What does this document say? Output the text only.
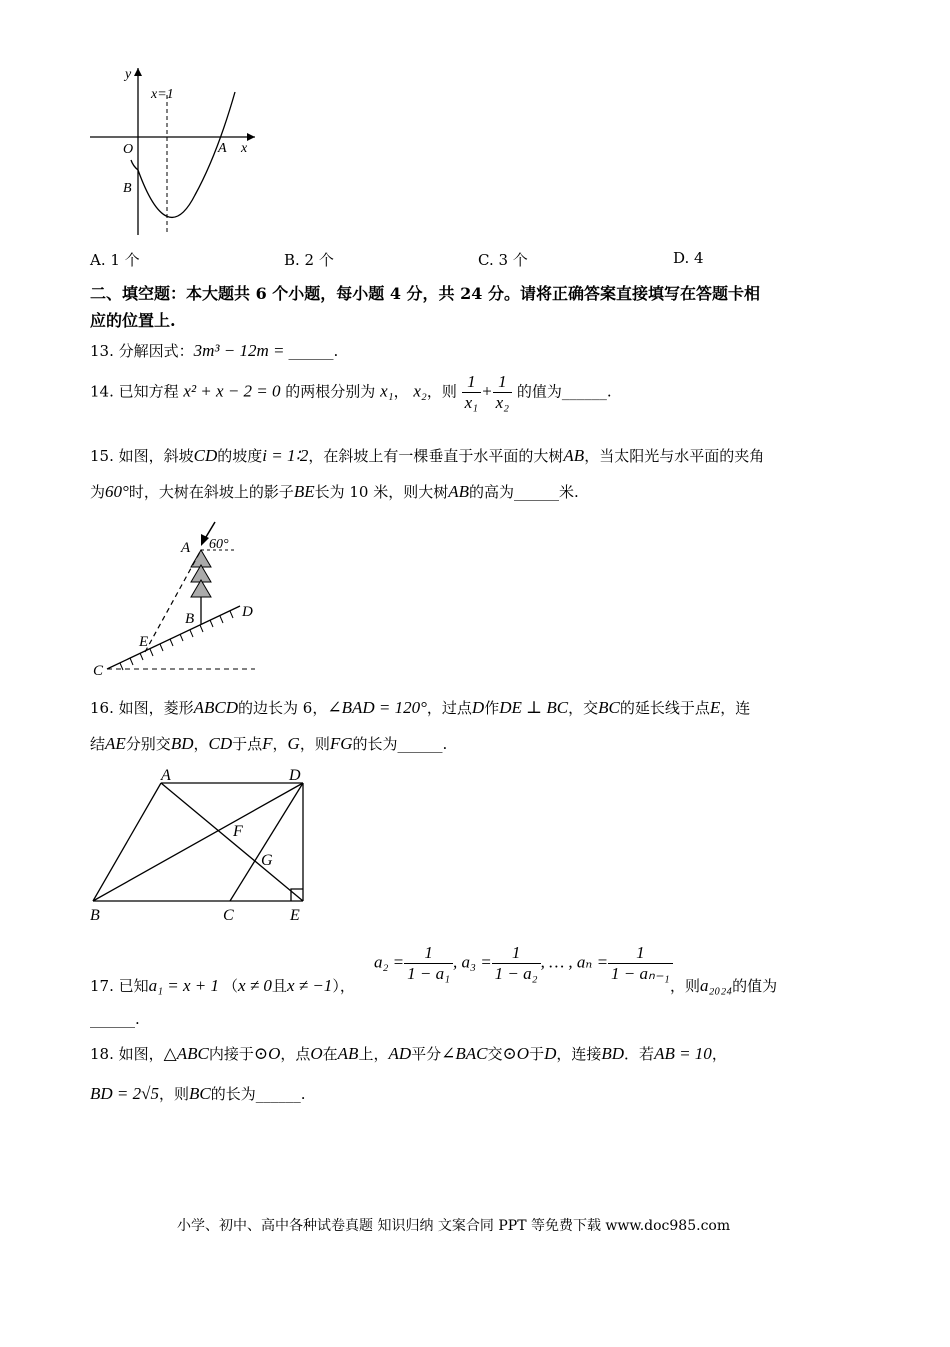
y
x
x=1
O	A
B
A. 1 个	B. 2 个	C. 3 个	D. 4
二、填空题：本大题共 6 个小题，每小题 4 分，共 24 分。请将正确答案直接填写在答题卡相
应的位置上.
13. 分解因式：3m³ − 12m = ______.
14. 已知方程 x² + x − 2 = 0 的两根分别为 x₁， x₂，则 $\frac{1}{\text{x₁}} + \frac{1}{\text{x₂}}$ 的值为______.
15. 如图，斜坡CD的坡度i = 1∶2，在斜坡上有一棵垂直于水平面的大树AB，当太阳光与水平面的夹角
为60°时，大树在斜坡上的影子BE长为 10 米，则大树AB的高为______米.
A 60°
B
C
D
E
16. 如图，菱形ABCD的边长为 6，∠BAD = 120°，过点D作DE ⊥ BC，交BC的延长线于点E，连
结AE分别交BD，CD于点F，G，则FG的长为______.
A	D
B	C	E
F
G
17. 已知a₁ = x + 1 （x ≠ 0且x ≠ −1），
$a_2 = \frac{1}{\text{1 − a₁}}$ , $a_3 = \frac{1}{\text{1 − a₂}}$ , … , $a_n = \frac{1}{\text{1 − aₙ₋₁}}$
，则a₂₀₂₄的值为
______.
18. 如图，△ABC内接于⊙O，点O在AB上，AD平分∠BAC交⊙O于D，连接BD．若AB = 10，
BD = 2√5，则BC的长为______.
小学、初中、高中各种试卷真题 知识归纳 文案合同 PPT 等免费下载 www.doc985.com
